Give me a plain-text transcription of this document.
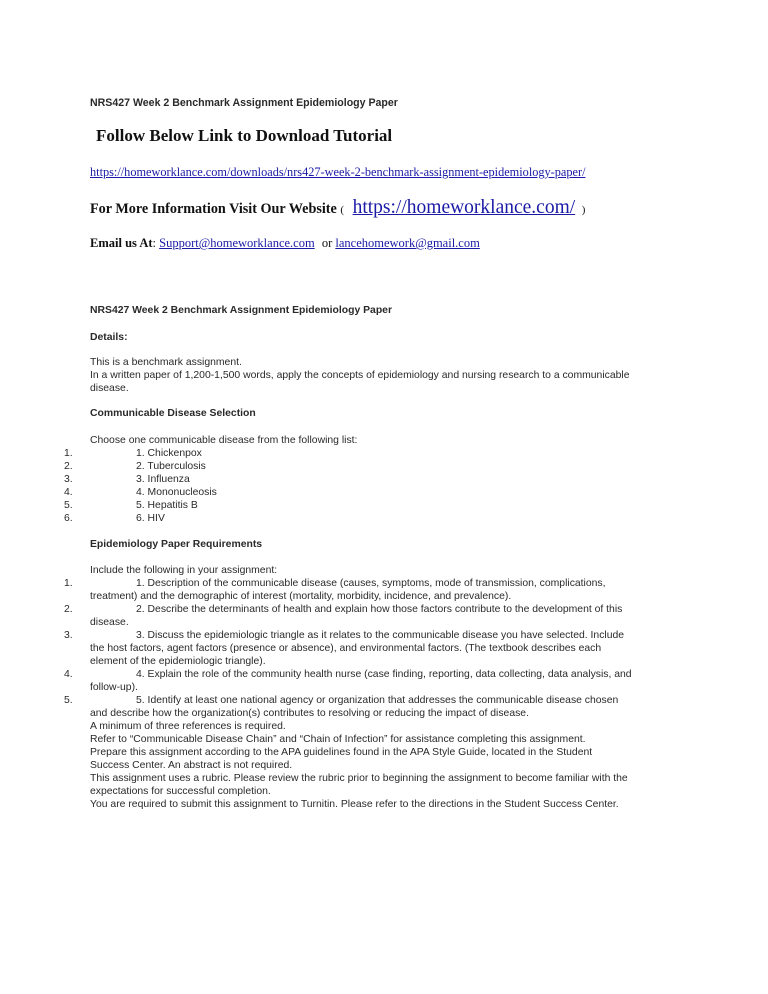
NRS427 Week 2 Benchmark Assignment Epidemiology Paper
Follow Below Link to Download Tutorial
https://homeworklance.com/downloads/nrs427-week-2-benchmark-assignment-epidemiology-paper/
For More Information Visit Our Website ( https://homeworklance.com/ )
Email us At: Support@homeworklance.com or lancehomework@gmail.com
NRS427 Week 2 Benchmark Assignment Epidemiology Paper
Details:
This is a benchmark assignment.
In a written paper of 1,200-1,500 words, apply the concepts of epidemiology and nursing research to a communicable
disease.
Communicable Disease Selection
Choose one communicable disease from the following list:
1.	1. Chickenpox
2.	2. Tuberculosis
3.	3. Influenza
4.	4. Mononucleosis
5.	5. Hepatitis B
6.	6. HIV
Epidemiology Paper Requirements
Include the following in your assignment:
1.	1. Description of the communicable disease (causes, symptoms, mode of transmission, complications,
treatment) and the demographic of interest (mortality, morbidity, incidence, and prevalence).
2.	2. Describe the determinants of health and explain how those factors contribute to the development of this
disease.
3.	3. Discuss the epidemiologic triangle as it relates to the communicable disease you have selected. Include
the host factors, agent factors (presence or absence), and environmental factors. (The textbook describes each
element of the epidemiologic triangle).
4.	4. Explain the role of the community health nurse (case finding, reporting, data collecting, data analysis, and
follow-up).
5.	5. Identify at least one national agency or organization that addresses the communicable disease chosen
and describe how the organization(s) contributes to resolving or reducing the impact of disease.
A minimum of three references is required.
Refer to “Communicable Disease Chain” and “Chain of Infection” for assistance completing this assignment.
Prepare this assignment according to the APA guidelines found in the APA Style Guide, located in the Student
Success Center. An abstract is not required.
This assignment uses a rubric. Please review the rubric prior to beginning the assignment to become familiar with the
expectations for successful completion.
You are required to submit this assignment to Turnitin. Please refer to the directions in the Student Success Center.
